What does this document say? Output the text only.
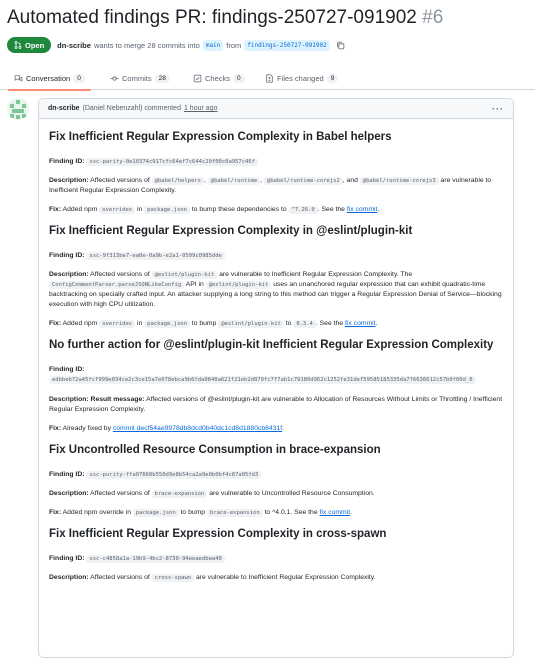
Automated findings PR: findings-250727-091902 #6
Open dn-scribe wants to merge 28 commits into	main from	findings-250727-091902
Conversation	0	Commits	28	Checks	0	Files changed	9
dn-scribe (Daniel Nebenzahl)
commented 1 hour ago	···
Fix Inefficient Regular Expression Complexity in Babel helpers

Finding ID: ssc-parity-0e10374c917cfc64ef7c644c20f00c0a957c46f

Description: Affected versions of @babel/helpers , @babel/runtime , @babel/runtime-corejs2 , and @babel/runtime-corejs3 are vulnerable to Inefficient Regular Expression Complexity.

Fix: Added npm overrides in package.json to bump these dependencies to ^7.26.0 . See the fix commit.

Fix Inefficient Regular Expression Complexity in @eslint/plugin-kit

Finding ID: ssc-9f313be7-ea0e-0a9b-e2a1-0509c0985dde

Description: Affected versions of @eslint/plugin-kit are vulnerable to Inefficient Regular Expression Complexity. The ConfigCommentParser.parseJSONLikeConfig API in @eslint/plugin-kit uses an unanchored regular expression that can exhibit quadratic-time backtracking on specially crafted input. An attacker supplying a long string to this method can trigger a Regular Expression Denial of Service—blocking execution with high CPU utilization.

Fix: Added npm overrides in package.json to bump @eslint/plugin-kit to 0.3.4 . See the fix commit.

No further action for @eslint/plugin-kit Inefficient Regular Expression Complexity

Finding ID:
edbbeb72a45fcf999e034ce2c3ce15a7e078ebca9b6fda0840a621f21eb2d870fc7f7ab1c79180d962c1252fe31def59585185335da7f6636612c57b0f00d_0

Description: Result message: Affected versions of @eslint/plugin-kit are vulnerable to Allocation of Resources Without Limits or Throttling / Inefficient Regular Expression Complexity.

Fix: Already fixed by commit decf54ae9978db8dcd0b40dc1cd8d1880cb8431f.

Fix Uncontrolled Resource Consumption in brace-expansion

Finding ID: ssc-purity-ffa07660b550d9e8b54ca2a9e0b0bf4c87a05fd3

Description: Affected versions of brace-expansion are vulnerable to Uncontrolled Resource Consumption.

Fix: Added npm override in package.json to bump brace-expansion to ^4.0.1. See the fix commit.

Fix Inefficient Regular Expression Complexity in cross-spawn

Finding ID: ssc-c4858a1a-19b9-4bc2-8730-94eeaedbea40

Description: Affected versions of cross-spawn are vulnerable to Inefficient Regular Expression Complexity.
